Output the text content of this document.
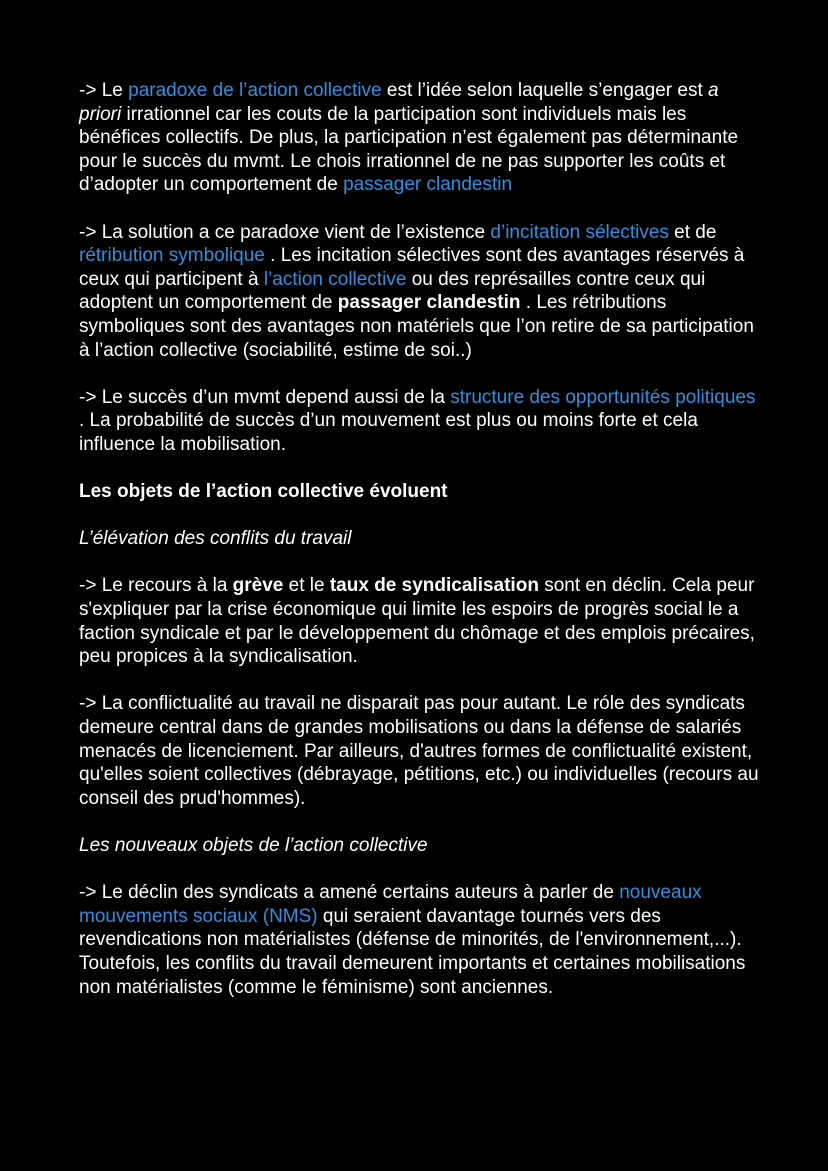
-> Le paradoxe de l’action collective est l’idée selon laquelle s’engager est a priori irrationnel car les couts de la participation sont individuels mais les bénéfices collectifs. De plus, la participation n’est également pas déterminante pour le succès du mvmt. Le chois irrationnel de ne pas supporter les coûts et d’adopter un comportement de passager clandestin

-> La solution a ce paradoxe vient de l’existence d’incitation sélectives et de rétribution symbolique . Les incitation sélectives sont des avantages réservés à ceux qui participent à l’action collective ou des représailles contre ceux qui adoptent un comportement de passager clandestin . Les rétributions symboliques sont des avantages non matériels que l’on retire de sa participation à l’action collective (sociabilité, estime de soi..)

-> Le succès d’un mvmt depend aussi de la structure des opportunités politiques . La probabilité de succès d’un mouvement est plus ou moins forte et cela influence la mobilisation.

Les objets de l’action collective évoluent

L’élévation des conflits du travail

-> Le recours à la grève et le taux de syndicalisation sont en déclin. Cela peur s'expliquer par la crise économique qui limite les espoirs de progrès social le a faction syndicale et par le développement du chômage et des emplois précaires, peu propices à la syndicalisation.

-> La conflictualité au travail ne disparait pas pour autant. Le róle des syndicats demeure central dans de grandes mobilisations ou dans la défense de salariés menacés de licenciement. Par ailleurs, d'autres formes de conflictualité existent, qu'elles soient collectives (débrayage, pétitions, etc.) ou individuelles (recours au conseil des prud'hommes).

Les nouveaux objets de l’action collective

-> Le déclin des syndicats a amené certains auteurs à parler de nouveaux mouvements sociaux (NMS) qui seraient davantage tournés vers des revendications non matérialistes (défense de minorités, de l'environnement,...). Toutefois, les conflits du travail demeurent importants et certaines mobilisations non matérialistes (comme le féminisme) sont anciennes.
